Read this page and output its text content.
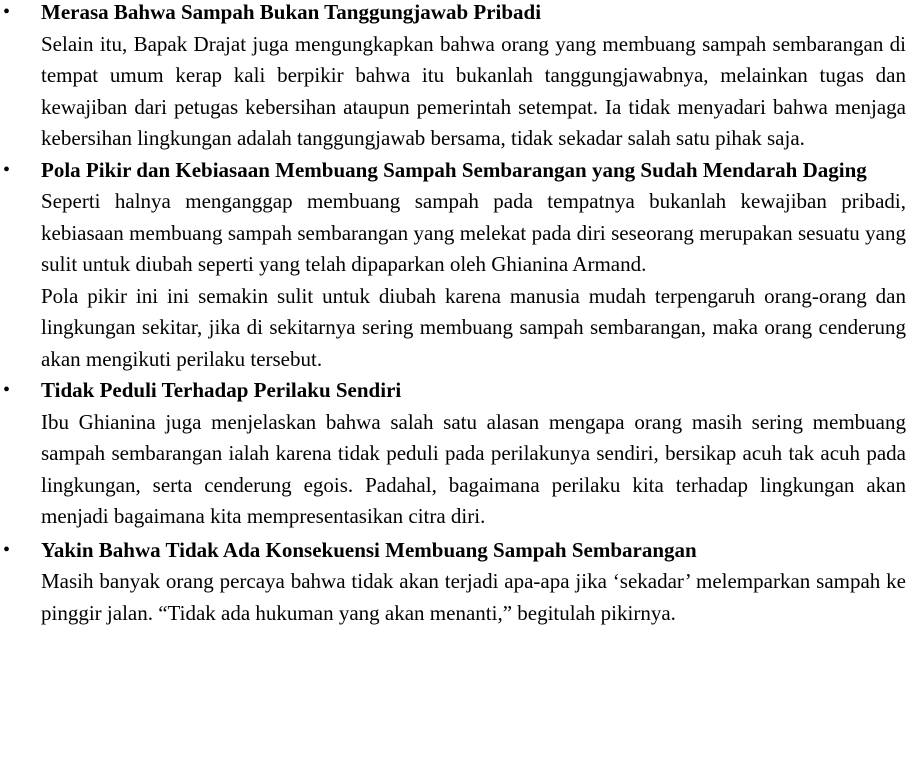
• Merasa Bahwa Sampah Bukan Tanggungjawab Pribadi

Selain itu, Bapak Drajat juga mengungkapkan bahwa orang yang membuang sampah sembarangan di tempat umum kerap kali berpikir bahwa itu bukanlah tanggungjawabnya, melainkan tugas dan kewajiban dari petugas kebersihan ataupun pemerintah setempat. Ia tidak menyadari bahwa menjaga kebersihan lingkungan adalah tanggungjawab bersama, tidak sekadar salah satu pihak saja.

• Pola Pikir dan Kebiasaan Membuang Sampah Sembarangan yang Sudah Mendarah Daging

Seperti halnya menganggap membuang sampah pada tempatnya bukanlah kewajiban pribadi, kebiasaan membuang sampah sembarangan yang melekat pada diri seseorang merupakan sesuatu yang sulit untuk diubah seperti yang telah dipaparkan oleh Ghianina Armand.

Pola pikir ini ini semakin sulit untuk diubah karena manusia mudah terpengaruh orang-orang dan lingkungan sekitar, jika di sekitarnya sering membuang sampah sembarangan, maka orang cenderung akan mengikuti perilaku tersebut.

• Tidak Peduli Terhadap Perilaku Sendiri

Ibu Ghianina juga menjelaskan bahwa salah satu alasan mengapa orang masih sering membuang sampah sembarangan ialah karena tidak peduli pada perilakunya sendiri, bersikap acuh tak acuh pada lingkungan, serta cenderung egois. Padahal, bagaimana perilaku kita terhadap lingkungan akan menjadi bagaimana kita mempresentasikan citra diri.

• Yakin Bahwa Tidak Ada Konsekuensi Membuang Sampah Sembarangan

Masih banyak orang percaya bahwa tidak akan terjadi apa-apa jika ‘sekadar’ melemparkan sampah ke pinggir jalan. “Tidak ada hukuman yang akan menanti,” begitulah pikirnya.
